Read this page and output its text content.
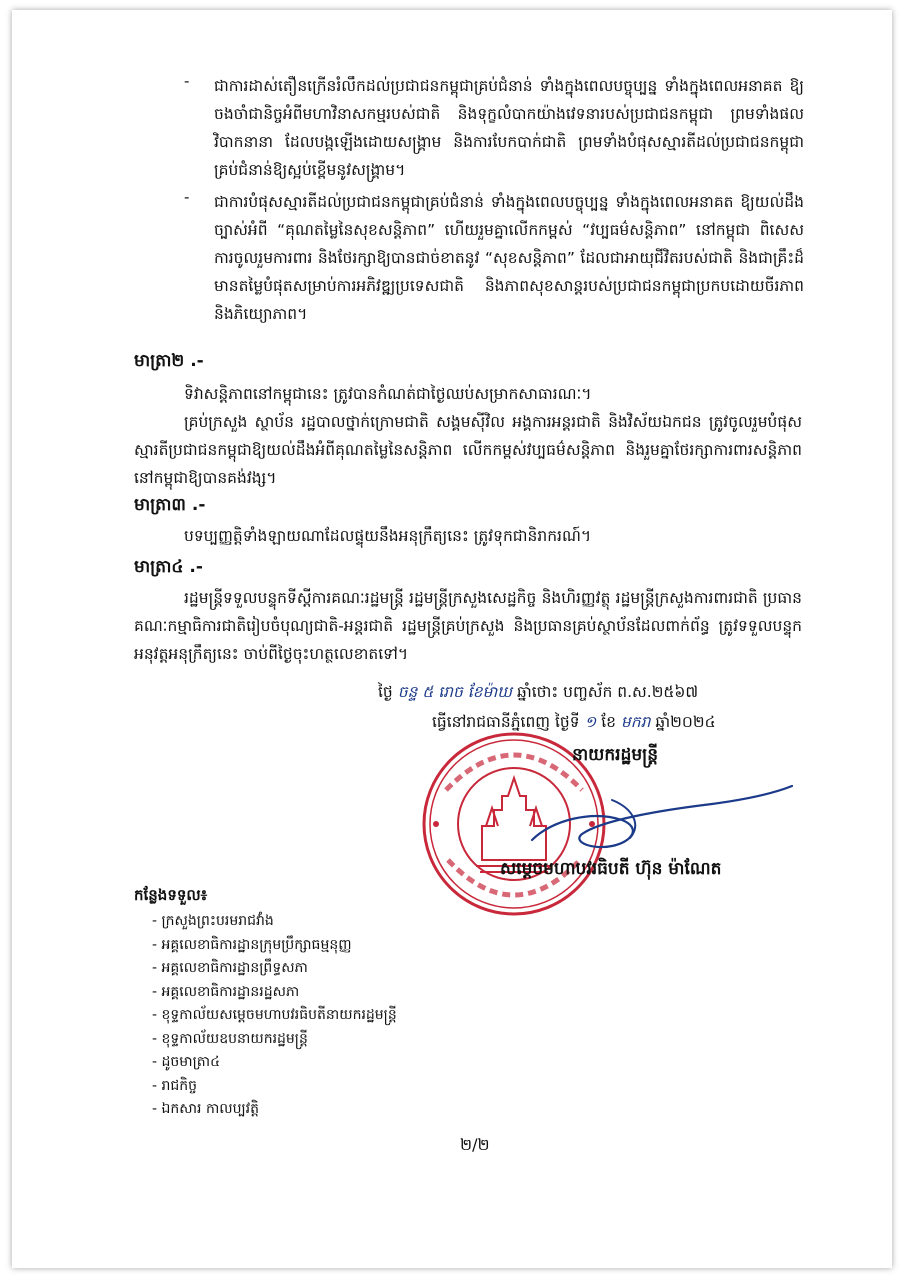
- ជាការដាស់តឿនក្រើនរំលឹកដល់ប្រជាជនកម្ពុជាគ្រប់ជំនាន់ ទាំងក្នុងពេលបច្ចុប្បន្ន ទាំងក្នុងពេលអនាគត ឱ្យចងចាំជានិច្ចអំពីមហាវិនាសកម្មរបស់ជាតិ និងទុក្ខលំបាកយ៉ាងវេទនារបស់ប្រជាជនកម្ពុជា ព្រមទាំងផលវិបាកនានា ដែលបង្កឡើងដោយសង្គ្រាម និងការបែកបាក់ជាតិ ព្រមទាំងបំផុសស្មារតីដល់ប្រជាជនកម្ពុជាគ្រប់ជំនាន់ឱ្យស្អប់ខ្ពើមនូវសង្គ្រាម។
- ជាការបំផុសស្មារតីដល់ប្រជាជនកម្ពុជាគ្រប់ជំនាន់ ទាំងក្នុងពេលបច្ចុប្បន្ន ទាំងក្នុងពេលអនាគត ឱ្យយល់ដឹងច្បាស់អំពី “គុណតម្លៃនៃសុខសន្តិភាព” ហើយរួមគ្នាលើកកម្ពស់ “វប្បធម៌សន្តិភាព” នៅកម្ពុជា ពិសេស ការចូលរួមការពារ និងថែរក្សាឱ្យបានជាច់ខាតនូវ “សុខសន្តិភាព” ដែលជាអាយុជីវិតរបស់ជាតិ និងជាគ្រឹះដ៏មានតម្លៃបំផុតសម្រាប់ការអភិវឌ្ឍប្រទេសជាតិ និងភាពសុខសាន្តរបស់ប្រជាជនកម្ពុជាប្រកបដោយចីរភាព និងភិយ្យោភាព។
មាត្រា២ .-
ទិវាសន្តិភាពនៅកម្ពុជានេះ ត្រូវបានកំណត់ជាថ្ងៃឈប់សម្រាកសាធារណៈ។
គ្រប់ក្រសួង ស្ថាប័ន រដ្ឋបាលថ្នាក់ក្រោមជាតិ សង្គមស៊ីវិល អង្គការអន្តរជាតិ និងវិស័យឯកជន ត្រូវចូលរួមបំផុសស្មារតីប្រជាជនកម្ពុជាឱ្យយល់ដឹងអំពីគុណតម្លៃនៃសន្តិភាព លើកកម្ពស់វប្បធម៌សន្តិភាព និងរួមគ្នាថែរក្សាការពារសន្តិភាពនៅកម្ពុជាឱ្យបានគង់វង្ស។
មាត្រា៣ .-
បទប្បញ្ញត្តិទាំងឡាយណាដែលផ្ទុយនឹងអនុក្រឹត្យនេះ ត្រូវទុកជានិរាករណ៍។
មាត្រា៤ .-
រដ្ឋមន្ត្រីទទួលបន្ទុកទីស្តីការគណៈរដ្ឋមន្ត្រី រដ្ឋមន្ត្រីក្រសួងសេដ្ឋកិច្ច និងហិរញ្ញវត្ថុ រដ្ឋមន្ត្រីក្រសួងការពារជាតិ ប្រធានគណៈកម្មាធិការជាតិរៀបចំបុណ្យជាតិ-អន្តរជាតិ រដ្ឋមន្ត្រីគ្រប់ក្រសួង និងប្រធានគ្រប់ស្ថាប័នដែលពាក់ព័ន្ធ ត្រូវទទួលបន្ទុកអនុវត្តអនុក្រឹត្យនេះ ចាប់ពីថ្ងៃចុះហត្ថលេខាតទៅ។
ថ្ងៃ ចន្ទ ៥ រោច ខែម៉ាឃ ឆ្នាំថោះ បញ្ចស័ក ព.ស.២៥៦៧
ធ្វើនៅរាជធានីភ្នំពេញ ថ្ងៃទី ១ ខែ មករា ឆ្នាំ២០២៤
នាយករដ្ឋមន្ត្រី
សម្តេចមហាបវរធិបតី ហ៊ុន ម៉ាណែត
កន្លែងទទួល៖
- ក្រសួងព្រះបរមរាជវាំង
- អគ្គលេខាធិការដ្ឋានក្រុមប្រឹក្សាធម្មនុញ្ញ
- អគ្គលេខាធិការដ្ឋានព្រឹទ្ធសភា
- អគ្គលេខាធិការដ្ឋានរដ្ឋសភា
- ខុទ្ទកាល័យសម្តេចមហាបវរធិបតីនាយករដ្ឋមន្ត្រី
- ខុទ្ទកាល័យឧបនាយករដ្ឋមន្ត្រី
- ដូចមាត្រា៤
- រាជកិច្ច
- ឯកសារ កាលប្បវត្តិ
២/២
